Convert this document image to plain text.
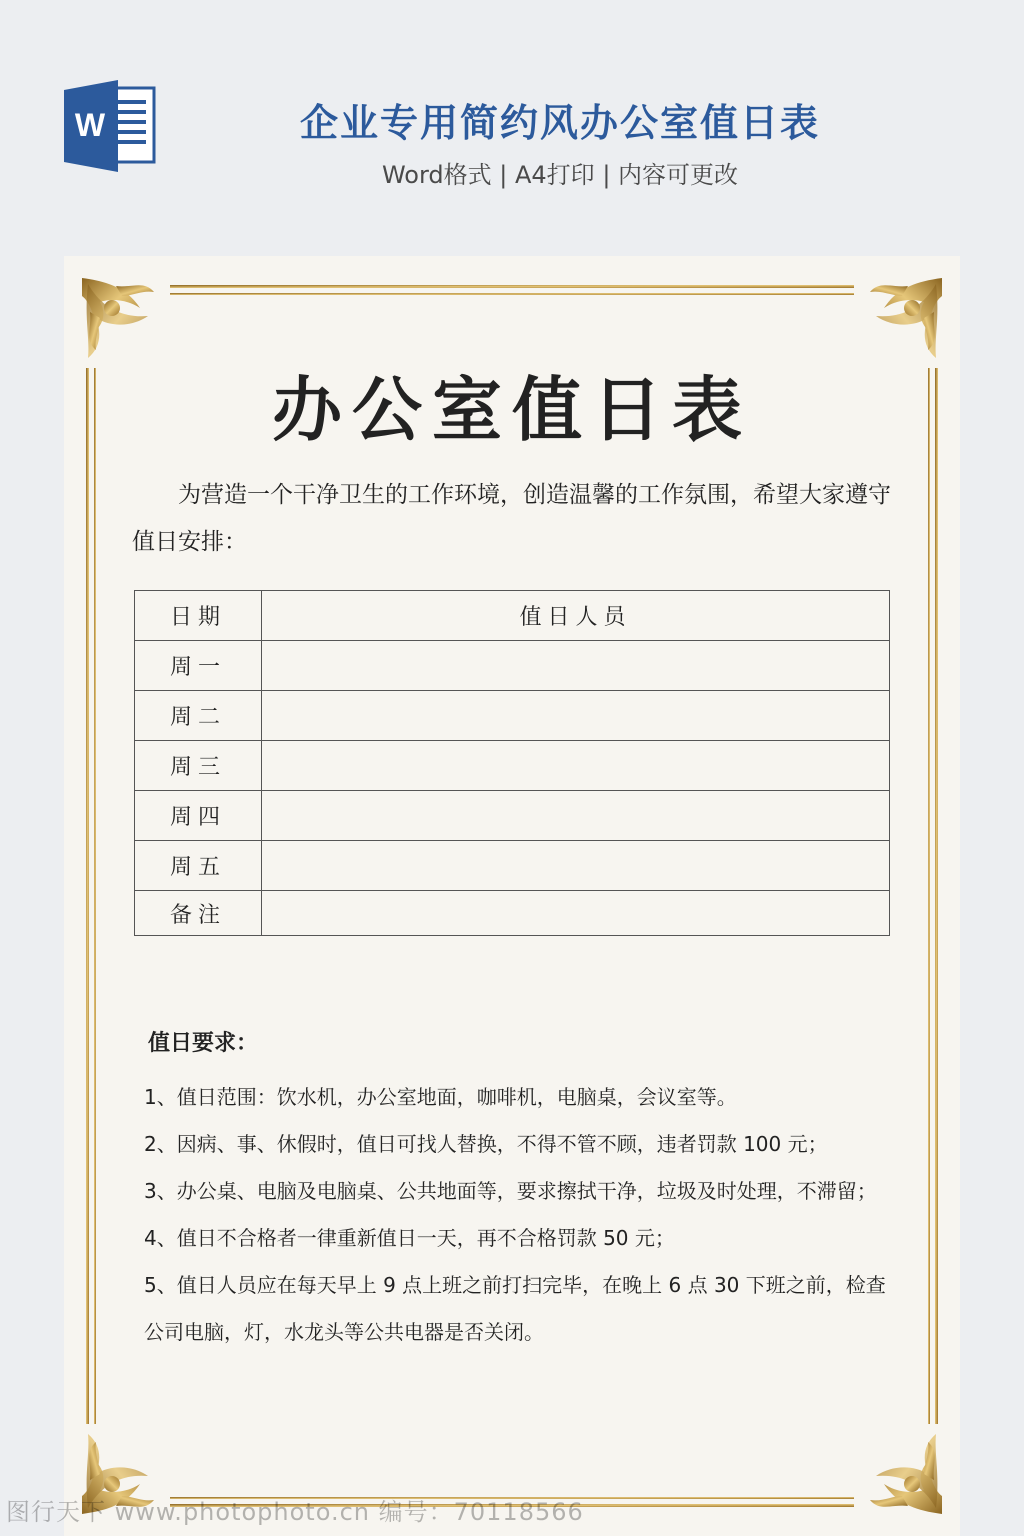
W	企业专用简约风办公室值日表
Word格式 | A4打印 | 内容可更改
办公室值日表
为营造一个干净卫生的工作环境，创造温馨的工作氛围，希望大家遵守值日安排：
日期	值日人员
周一	
周二	
周三	
周四	
周五	
备注	
值日要求：
1、值日范围：饮水机，办公室地面，咖啡机，电脑桌，会议室等。
2、因病、事、休假时，值日可找人替换，不得不管不顾，违者罚款 100 元；
3、办公桌、电脑及电脑桌、公共地面等，要求擦拭干净，垃圾及时处理，不滞留；
4、值日不合格者一律重新值日一天，再不合格罚款 50 元；
5、值日人员应在每天早上 9 点上班之前打扫完毕，在晚上 6 点 30 下班之前，检查公司电脑，灯，水龙头等公共电器是否关闭。
图行天下 www.photophoto.cn 编号：70118566
